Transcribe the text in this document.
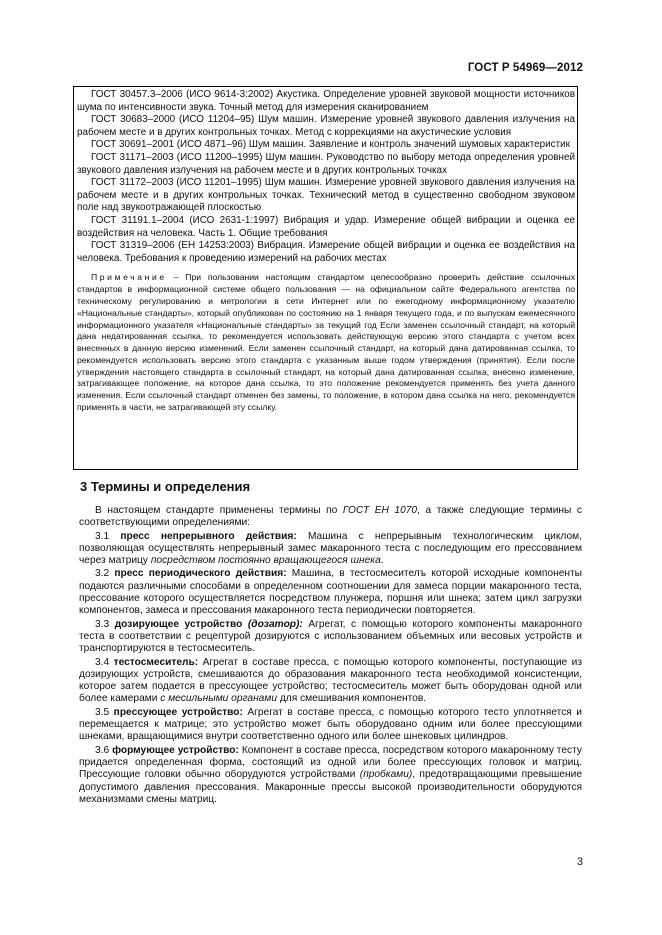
ГОСТ Р 54969—2012

ГОСТ 30457.3–2006 (ИСО 9614-3:2002) Акустика. Определение уровней звуковой мощности источников шума по интенсивности звука. Точный метод для измерения сканированием

ГОСТ 30683–2000 (ИСО 11204–95) Шум машин. Измерение уровней звукового давления излучения на рабочем месте и в других контрольных точках. Метод с коррекциями на акустические условия

ГОСТ 30691–2001 (ИСО 4871–96) Шум машин. Заявление и контроль значений шумовых характеристик

ГОСТ 31171–2003 (ИСО 11200–1995) Шум машин. Руководство по выбору метода определения уровней звукового давления излучения на рабочем месте и в других контрольных точках

ГОСТ 31172–2003 (ИСО 11201–1995) Шум машин. Измерение уровней звукового давления излучения на рабочем месте и в других контрольных точках. Технический метод в существенно свободном звуковом поле над звукоотражающей плоскостью

ГОСТ 31191.1–2004 (ИСО 2631-1:1997) Вибрация и удар. Измерение общей вибрации и оценка ее воздействия на человека. Часть 1. Общие требования

ГОСТ 31319–2006 (ЕН 14253:2003) Вибрация. Измерение общей вибрации и оценка ее воздействия на человека. Требования к проведению измерений на рабочих местах

Примечание – При пользовании настоящим стандартом целесообразно проверить действие ссылочных стандартов в информационной системе общего пользования — на официальном сайте Федерального агентства по техническому регулированию и метрологии в сети Интернет или по ежегодному информационному указателю «Национальные стандарты», который опубликован по состоянию на 1 января текущего года, и по выпускам ежемесячного информационного указателя «Национальные стандарты» за текущий год Если заменен ссылочный стандарт, на который дана недатированная ссылка, то рекомендуется использовать действующую версию этого стандарта с учетом всех внесенных в данную версию изменений. Если заменен ссылочный стандарт, на который дана датированная ссылка, то рекомендуется использовать версию этого стандарта с указанным выше годом утверждения (принятия). Если после утверждения настоящего стандарта в ссылочный стандарт, на который дана датированная ссылка, внесено изменение, затрагивающее положение, на которое дана ссылка, то это положение рекомендуется применять без учета данного изменения. Если ссылочный стандарт отменен без замены, то положение, в котором дана ссылка на него, рекомендуется применять в части, не затрагивающей эту ссылку.

3 Термины и определения

В настоящем стандарте применены термины по ГОСТ ЕН 1070, а также следующие термины с соответствующими определениями:

3.1 пресс непрерывного действия: Машина с непрерывным технологическим циклом, позволяющая осуществлять непрерывный замес макаронного теста с последующим его прессованием через матрицу посредством постоянно вращающегося шнека.

3.2 пресс периодического действия: Машина, в тестосмесителъ которой исходные компоненты подаются различными способами в определенном соотношении для замеса порции макаронного теста, прессование которого осуществляется посредством плунжера, поршня или шнека; затем цикл загрузки компонентов, замеса и прессования макаронного теста периодически повторяется.

3.3 дозирующее устройство (дозатор): Агрегат, с помощью которого компоненты макаронного теста в соответствии с рецептурой дозируются с использованием объемных или весовых устройств и транспортируются в тестосмеситель.

3.4 тестосмеситель: Агрегат в составе пресса, с помощью которого компоненты, поступающие из дозирующих устройств, смешиваются до образования макаронного теста необходимой консистенции, которое затем подается в прессующее устройство; тестосмеситель может быть оборудован одной или более камерами с месильными органами для смешивания компонентов.

3.5 прессующее устройство: Агрегат в составе пресса, с помощью которого тесто уплотняется и перемещается к матрице; это устройство может быть оборудовано одним или более прессующими шнеками, вращающимися внутри соответственно одного или более шнековых цилиндров.

3.6 формующее устройство: Компонент в составе пресса, посредством которого макаронному тесту придается определенная форма, состоящий из одной или более прессующих головок и матриц. Прессующие головки обычно оборудуются устройствами (пробками), предотвращающими превышение допустимого давления прессования. Макаронные прессы высокой производительности оборудуются механизмами смены матриц.

3
